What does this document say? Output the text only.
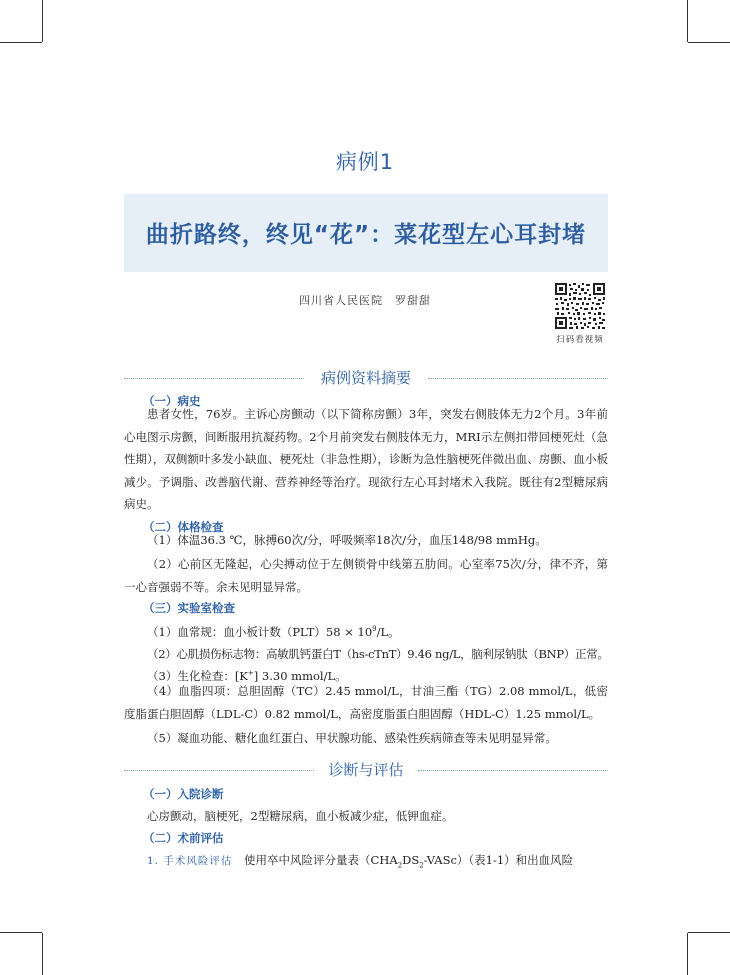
病例1
曲折路终，终见“花”：菜花型左心耳封堵
四川省人民医院　罗甜甜
扫码看视频
病例资料摘要
（一）病史
患者女性，76岁。主诉心房颤动（以下简称房颤）3年，突发右侧肢体无力2个月。3年前心电图示房颤，间断服用抗凝药物。2个月前突发右侧肢体无力，MRI示左侧扣带回梗死灶（急性期），双侧额叶多发小缺血、梗死灶（非急性期），诊断为急性脑梗死伴微出血、房颤、血小板减少。予调脂、改善脑代谢、营养神经等治疗。现欲行左心耳封堵术入我院。既往有2型糖尿病病史。
（二）体格检查
（1）体温36.3 ℃，脉搏60次/分，呼吸频率18次/分，血压148/98 mmHg。
（2）心前区无隆起，心尖搏动位于左侧锁骨中线第五肋间。心室率75次/分，律不齐，第一心音强弱不等。余未见明显异常。
（三）实验室检查
（1）血常规：血小板计数$(PLT)58 \times 10^9/L$。
（2）心肌损伤标志物：高敏肌钙蛋白T（hs-cTnT）9.46 ng/L，脑利尿钠肽（BNP）正常。
（3）生化检查：[K+] 3.30 mmol/L。
（4）血脂四项：总胆固醇（TC）2.45 mmol/L，甘油三酯（TG）2.08 mmol/L，低密度脂蛋白胆固醇（LDL-C）0.82 mmol/L，高密度脂蛋白胆固醇（HDL-C）1.25 mmol/L。
（5）凝血功能、糖化血红蛋白、甲状腺功能、感染性疾病筛查等未见明显异常。
诊断与评估
（一）入院诊断
心房颤动，脑梗死，2型糖尿病，血小板减少症，低钾血症。
（二）术前评估
1. 手术风险评估 使用卒中风险评分量表$(CHA_2DS_2-VASc)$（表1-1）和出血风险
